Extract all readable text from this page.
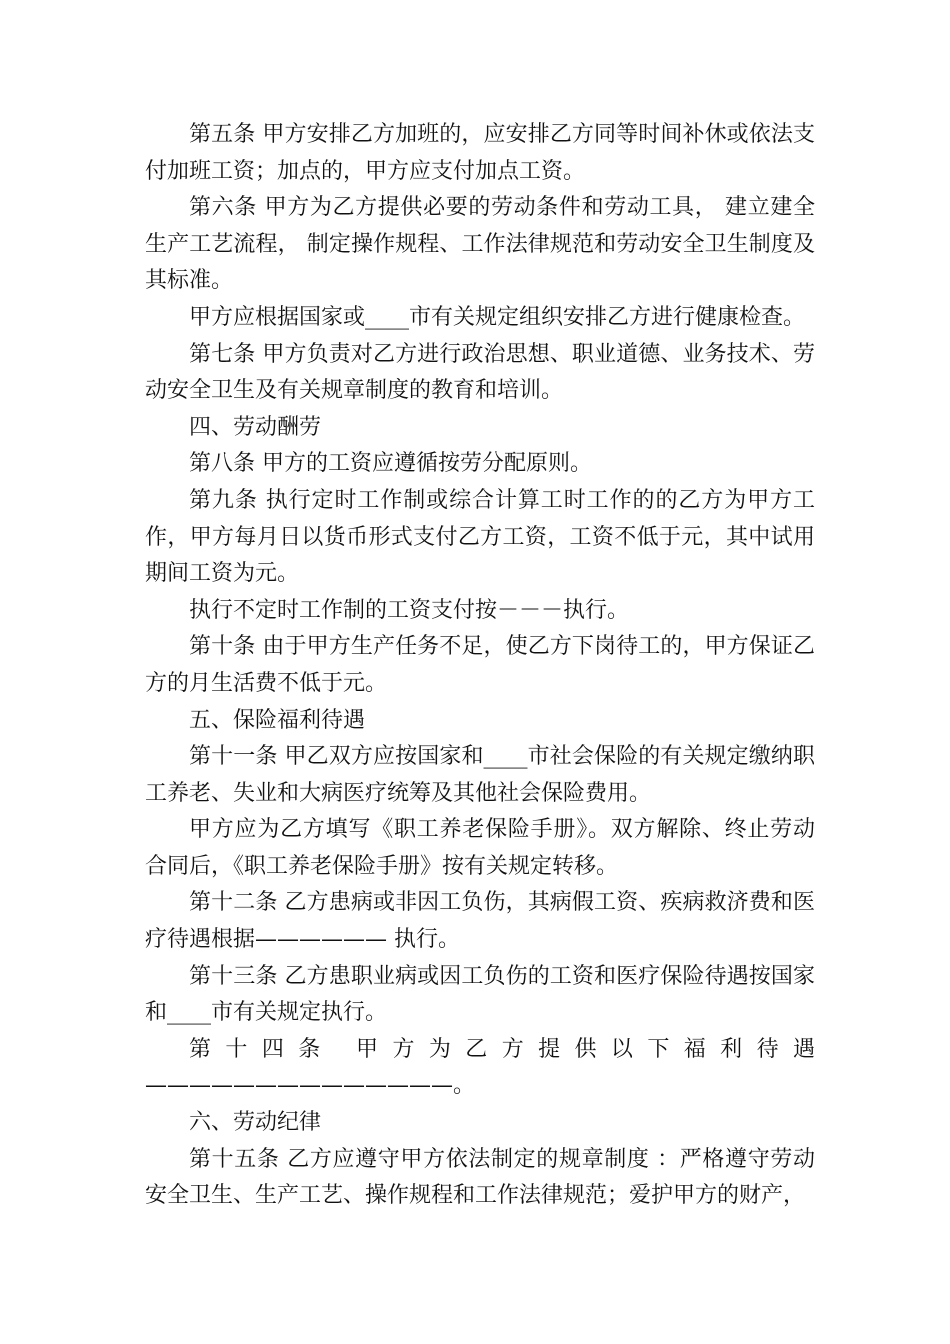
第五条 甲方安排乙方加班的，应安排乙方同等时间补休或依法支付加班工资；加点的，甲方应支付加点工资。

第六条 甲方为乙方提供必要的劳动条件和劳动工具， 建立建全生产工艺流程， 制定操作规程、工作法律规范和劳动安全卫生制度及其标准。

甲方应根据国家或____市有关规定组织安排乙方进行健康检查。

第七条 甲方负责对乙方进行政治思想、职业道德、业务技术、劳动安全卫生及有关规章制度的教育和培训。

四、劳动酬劳

第八条 甲方的工资应遵循按劳分配原则。

第九条 执行定时工作制或综合计算工时工作的的乙方为甲方工作，甲方每月日以货币形式支付乙方工资，工资不低于元，其中试用期间工资为元。

执行不定时工作制的工资支付按－－－执行。

第十条 由于甲方生产任务不足，使乙方下岗待工的，甲方保证乙方的月生活费不低于元。

五、保险福利待遇

第十一条 甲乙双方应按国家和____市社会保险的有关规定缴纳职工养老、失业和大病医疗统筹及其他社会保险费用。

甲方应为乙方填写《职工养老保险手册》。双方解除、终止劳动合同后，《职工养老保险手册》按有关规定转移。

第十二条 乙方患病或非因工负伤，其病假工资、疾病救济费和医疗待遇根据—————— 执行。

第十三条 乙方患职业病或因工负伤的工资和医疗保险待遇按国家和____市有关规定执行。

第十四条 甲方为乙方提供以下福利待遇——————————————。

六、劳动纪律

第十五条 乙方应遵守甲方依法制定的规章制度 ：严格遵守劳动安全卫生、生产工艺、操作规程和工作法律规范；爱护甲方的财产，
